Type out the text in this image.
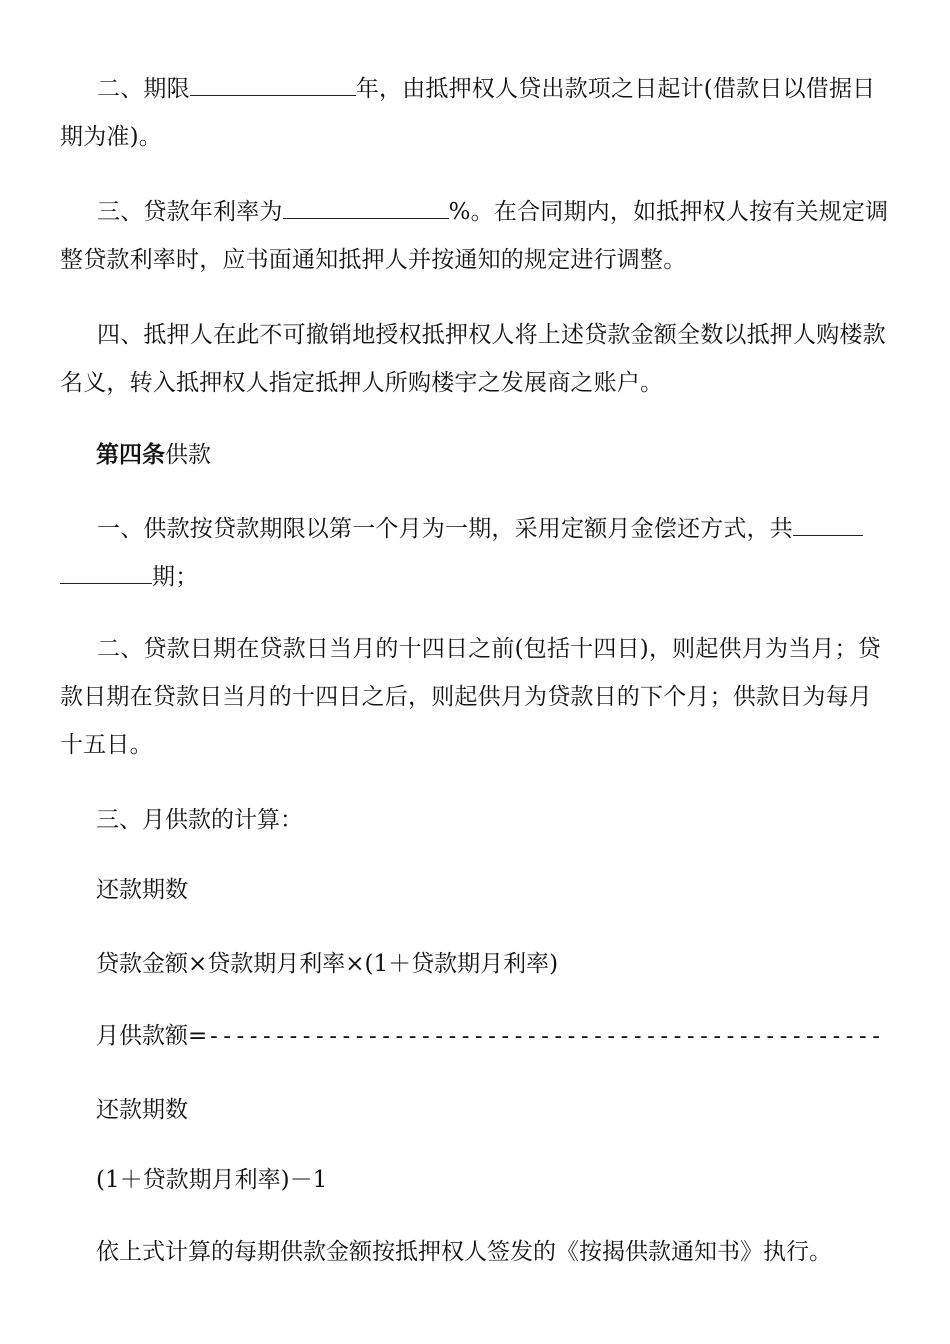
二、期限	年，由抵押权人贷出款项之日起计(借款日以借据日期为准)。
三、贷款年利率为	%。在合同期内，如抵押权人按有关规定调整贷款利率时，应书面通知抵押人并按通知的规定进行调整。
四、抵押人在此不可撤销地授权抵押权人将上述贷款金额全数以抵押人购楼款名义，转入抵押权人指定抵押人所购楼宇之发展商之账户。
第四条供款
一、供款按贷款期限以第一个月为一期，采用定额月金偿还方式，共期；
二、贷款日期在贷款日当月的十四日之前(包括十四日)，则起供月为当月；贷款日期在贷款日当月的十四日之后，则起供月为贷款日的下个月；供款日为每月十五日。
三、月供款的计算：
还款期数
贷款金额×贷款期月利率×(1＋贷款期月利率)
月供款额=---------------------------------------------------
还款期数
(1＋贷款期月利率)－1
依上式计算的每期供款金额按抵押权人签发的《按揭供款通知书》执行。
